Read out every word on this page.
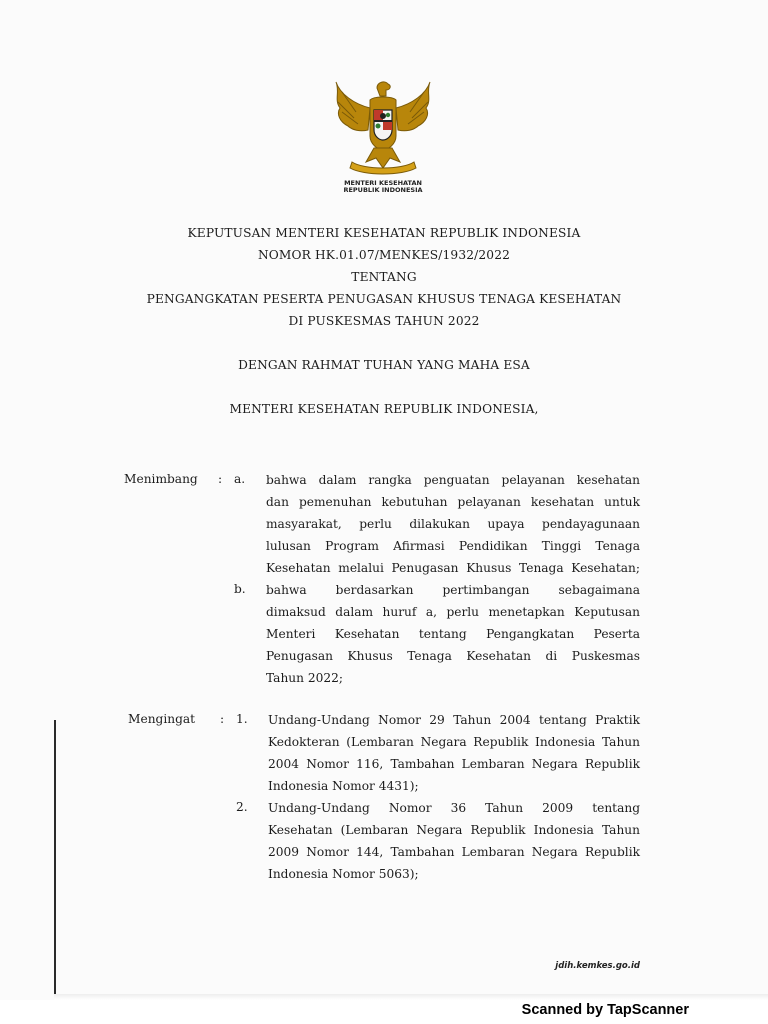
MENTERI KESEHATAN
REPUBLIK INDONESIA
KEPUTUSAN MENTERI KESEHATAN REPUBLIK INDONESIA
NOMOR HK.01.07/MENKES/1932/2022
TENTANG
PENGANGKATAN PESERTA PENUGASAN KHUSUS TENAGA KESEHATAN
DI PUSKESMAS TAHUN 2022
DENGAN RAHMAT TUHAN YANG MAHA ESA
MENTERI KESEHATAN REPUBLIK INDONESIA,
Menimbang : a. bahwa dalam rangka penguatan pelayanan kesehatan
dan pemenuhan kebutuhan pelayanan kesehatan untuk
masyarakat, perlu dilakukan upaya pendayagunaan
lulusan Program Afirmasi Pendidikan Tinggi Tenaga
Kesehatan melalui Penugasan Khusus Tenaga Kesehatan;
b. bahwa berdasarkan pertimbangan sebagaimana
dimaksud dalam huruf a, perlu menetapkan Keputusan
Menteri Kesehatan tentang Pengangkatan Peserta
Penugasan Khusus Tenaga Kesehatan di Puskesmas
Tahun 2022;
Mengingat : 1. Undang-Undang Nomor 29 Tahun 2004 tentang Praktik
Kedokteran (Lembaran Negara Republik Indonesia Tahun
2004 Nomor 116, Tambahan Lembaran Negara Republik
Indonesia Nomor 4431);
2. Undang-Undang Nomor 36 Tahun 2009 tentang
Kesehatan (Lembaran Negara Republik Indonesia Tahun
2009 Nomor 144, Tambahan Lembaran Negara Republik
Indonesia Nomor 5063);
jdih.kemkes.go.id
Scanned by TapScanner
